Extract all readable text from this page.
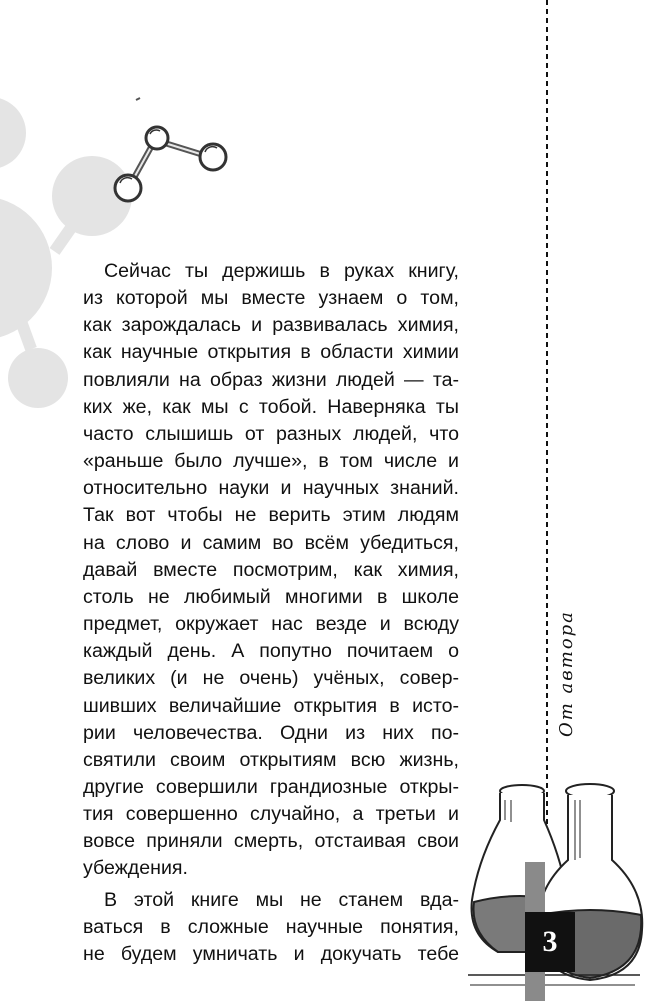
3
От автора
Сейчас ты держишь в руках книгу,
из которой мы вместе узнаем о том,
как зарождалась и развивалась химия,
как научные открытия в области химии
повлияли на образ жизни людей — та-
ких же, как мы с тобой. Наверняка ты
часто слышишь от разных людей, что
«раньше было лучше», в том числе и
относительно науки и научных знаний.
Так вот чтобы не верить этим людям
на слово и самим во всём убедиться,
давай вместе посмотрим, как химия,
столь не любимый многими в школе
предмет, окружает нас везде и всюду
каждый день. А попутно почитаем о
великих (и не очень) учёных, совер-
шивших величайшие открытия в исто-
рии человечества. Одни из них по-
святили своим открытиям всю жизнь,
другие совершили грандиозные откры-
тия совершенно случайно, а третьи и
вовсе приняли смерть, отстаивая свои
убеждения.
В этой книге мы не станем вда-
ваться в сложные научные понятия,
не будем умничать и докучать тебе
